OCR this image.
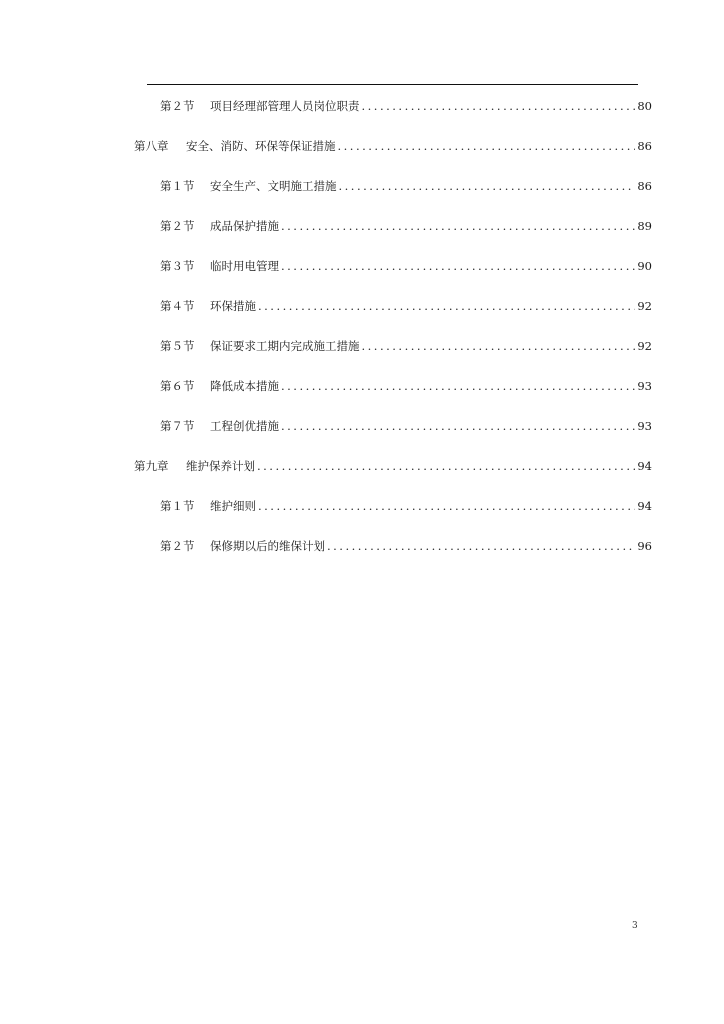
第２节	项目经理部管理人员岗位职责 .....	80
第八章	安全、消防、环保等保证措施 .....	86
第１节	安全生产、文明施工措施 .....	86
第２节	成品保护措施 .....	89
第３节	临时用电管理 .....	90
第４节	环保措施 .....	92
第５节	保证要求工期内完成施工措施 .....	92
第６节	降低成本措施 .....	93
第７节	工程创优措施 .....	93
第九章	维护保养计划 .....	94
第１节	维护细则 .....	94
第２节	保修期以后的维保计划 .....	96
3
